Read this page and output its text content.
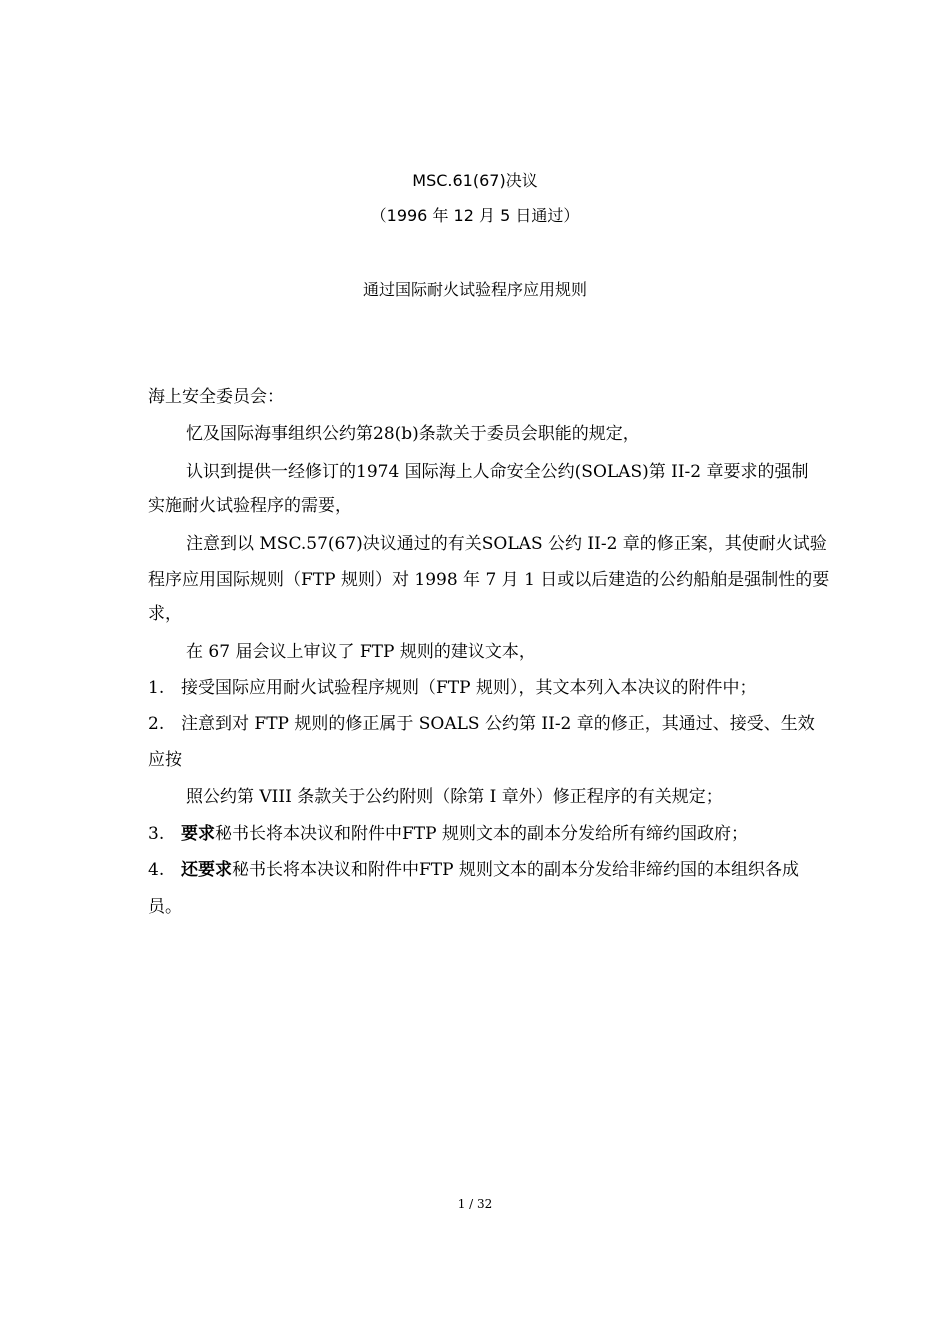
MSC.61(67)决议
（1996 年 12 月 5 日通过）
通过国际耐火试验程序应用规则
海上安全委员会：
忆及国际海事组织公约第28(b)条款关于委员会职能的规定，
认识到提供一经修订的1974 国际海上人命安全公约(SOLAS)第 II-2 章要求的强制
实施耐火试验程序的需要，
注意到以 MSC.57(67)决议通过的有关SOLAS 公约 II-2 章的修正案，其使耐火试验
程序应用国际规则（FTP 规则）对 1998 年 7 月 1 日或以后建造的公约船舶是强制性的要
求，
在 67 届会议上审议了 FTP 规则的建议文本，
1. 接受国际应用耐火试验程序规则（FTP 规则），其文本列入本决议的附件中；
2. 注意到对 FTP 规则的修正属于 SOALS 公约第 II-2 章的修正，其通过、接受、生效
应按
照公约第 VIII 条款关于公约附则（除第 I 章外）修正程序的有关规定；
3. 要求秘书长将本决议和附件中FTP 规则文本的副本分发给所有缔约国政府；
4. 还要求秘书长将本决议和附件中FTP 规则文本的副本分发给非缔约国的本组织各成
员。
1 / 32
